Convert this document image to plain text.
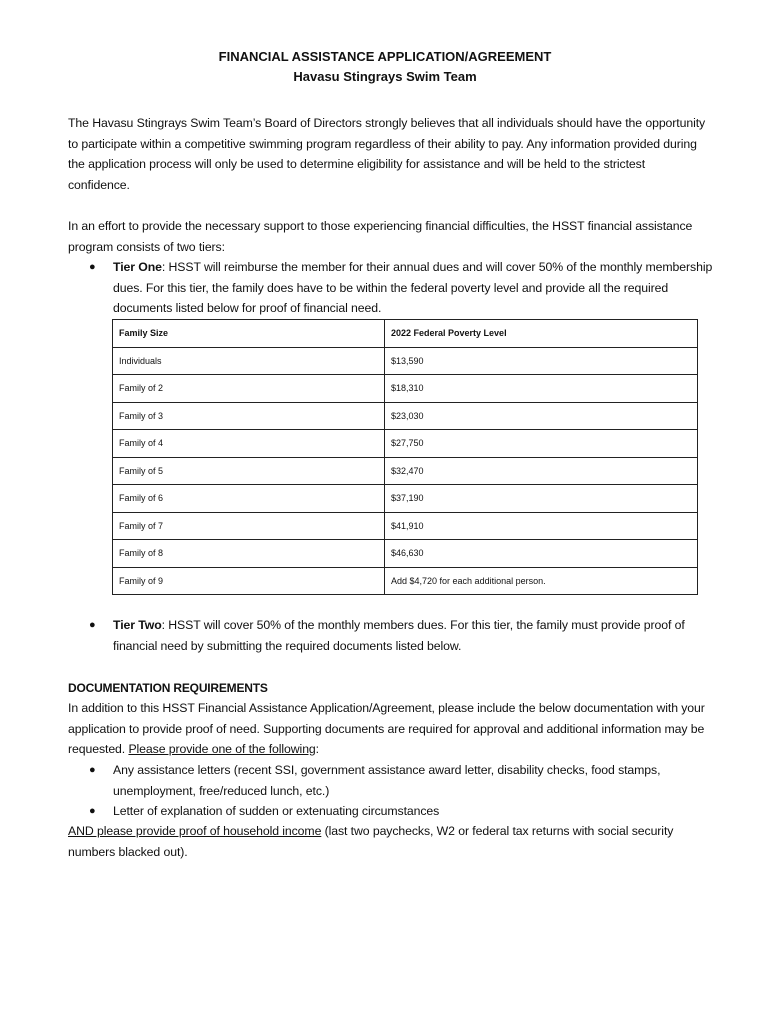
FINANCIAL ASSISTANCE APPLICATION/AGREEMENT
Havasu Stingrays Swim Team
The Havasu Stingrays Swim Team’s Board of Directors strongly believes that all individuals should have the opportunity to participate within a competitive swimming program regardless of their ability to pay. Any information provided during the application process will only be used to determine eligibility for assistance and will be held to the strictest confidence.
In an effort to provide the necessary support to those experiencing financial difficulties, the HSST financial assistance program consists of two tiers:
● Tier One: HSST will reimburse the member for their annual dues and will cover 50% of the monthly membership dues. For this tier, the family does have to be within the federal poverty level and provide all the required documents listed below for proof of financial need.
Family Size	2022 Federal Poverty Level
Individuals	$13,590
Family of 2	$18,310
Family of 3	$23,030
Family of 4	$27,750
Family of 5	$32,470
Family of 6	$37,190
Family of 7	$41,910
Family of 8	$46,630
Family of 9	Add $4,720 for each additional person.
● Tier Two: HSST will cover 50% of the monthly members dues. For this tier, the family must provide proof of financial need by submitting the required documents listed below.
DOCUMENTATION REQUIREMENTS
In addition to this HSST Financial Assistance Application/Agreement, please include the below documentation with your application to provide proof of need. Supporting documents are required for approval and additional information may be requested. Please provide one of the following:
● Any assistance letters (recent SSI, government assistance award letter, disability checks, food stamps, unemployment, free/reduced lunch, etc.)
● Letter of explanation of sudden or extenuating circumstances
AND please provide proof of household income (last two paychecks, W2 or federal tax returns with social security numbers blacked out).
